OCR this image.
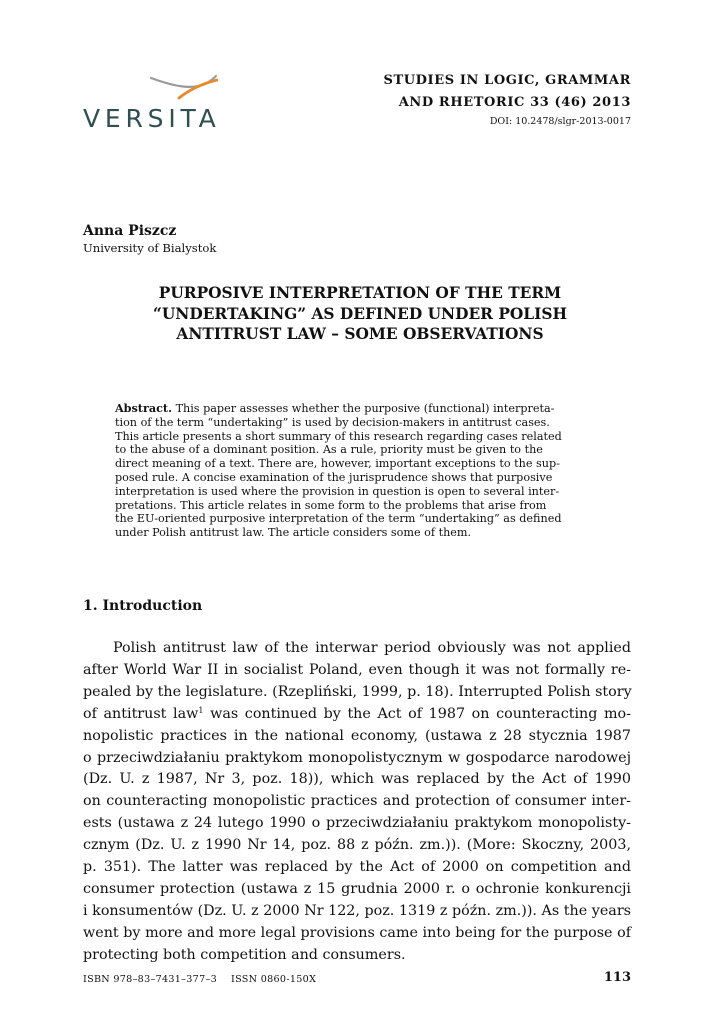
VERSITA
STUDIES IN LOGIC, GRAMMAR
AND RHETORIC 33 (46) 2013
DOI: 10.2478/slgr-2013-0017
Anna Piszcz
University of Bialystok
PURPOSIVE INTERPRETATION OF THE TERM
“UNDERTAKING” AS DEFINED UNDER POLISH
ANTITRUST LAW – SOME OBSERVATIONS
Abstract. This paper assesses whether the purposive (functional) interpreta-
tion of the term “undertaking” is used by decision-makers in antitrust cases.
This article presents a short summary of this research regarding cases related
to the abuse of a dominant position. As a rule, priority must be given to the
direct meaning of a text. There are, however, important exceptions to the sup-
posed rule. A concise examination of the jurisprudence shows that purposive
interpretation is used where the provision in question is open to several inter-
pretations. This article relates in some form to the problems that arise from
the EU-oriented purposive interpretation of the term “undertaking” as defined
under Polish antitrust law. The article considers some of them.
1. Introduction
Polish antitrust law of the interwar period obviously was not applied
after World War II in socialist Poland, even though it was not formally re-
pealed by the legislature. (Rzepliński, 1999, p. 18). Interrupted Polish story
of antitrust law$^1$ was continued by the Act of 1987 on counteracting mo-
nopolistic practices in the national economy, (ustawa z 28 stycznia 1987
o przeciwdziałaniu praktykom monopolistycznym w gospodarce narodowej
(Dz. U. z 1987, Nr 3, poz. 18)), which was replaced by the Act of 1990
on counteracting monopolistic practices and protection of consumer inter-
ests (ustawa z 24 lutego 1990 o przeciwdziałaniu praktykom monopolisty-
cznym (Dz. U. z 1990 Nr 14, poz. 88 z późn. zm.)). (More: Skoczny, 2003,
p. 351). The latter was replaced by the Act of 2000 on competition and
consumer protection (ustawa z 15 grudnia 2000 r. o ochronie konkurencji
i konsumentów (Dz. U. z 2000 Nr 122, poz. 1319 z późn. zm.)). As the years
went by more and more legal provisions came into being for the purpose of
protecting both competition and consumers.
ISBN 978–83–7431–377–3 ISSN 0860-150X	113
